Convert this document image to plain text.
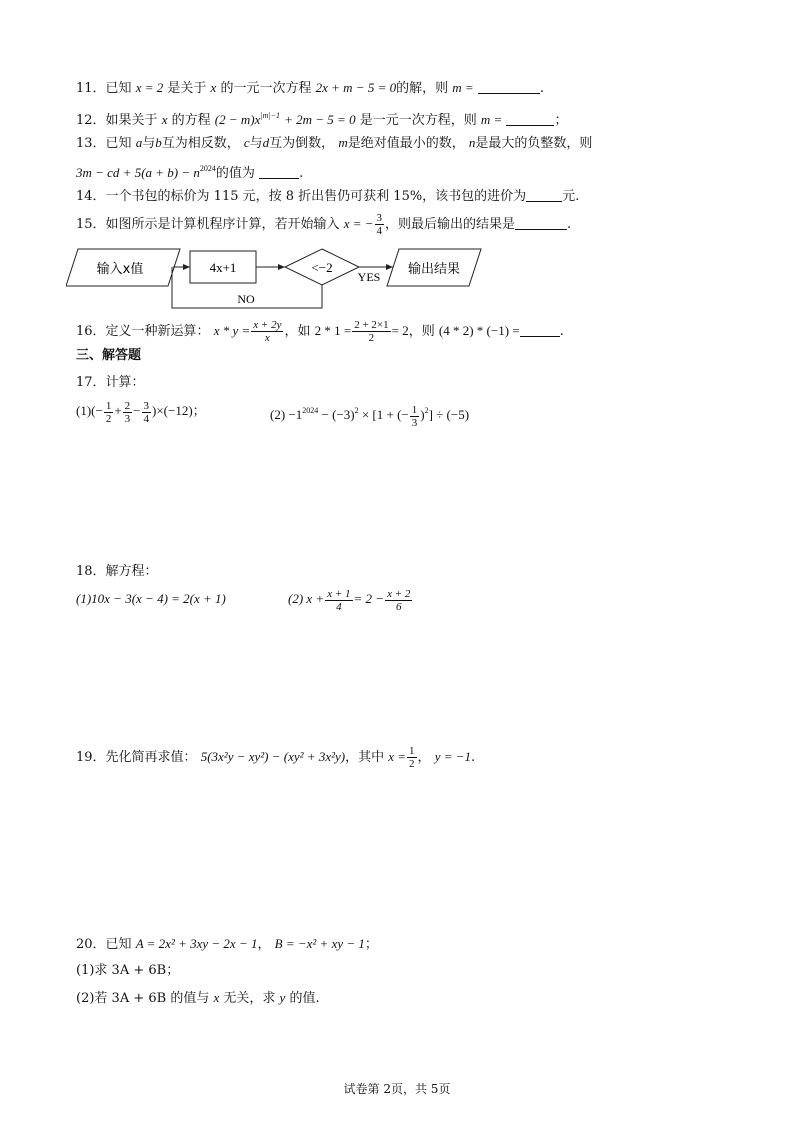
11．已知 x = 2 是关于 x 的一元一次方程 2x + m − 5 = 0的解，则 m =	.
12．如果关于 x 的方程 $(2 - m)x^{|m|-1} + 2m - 5 = 0$ 是一元一次方程，则 m =	；
13．已知 a与b互为相反数， c与d互为倒数， m是绝对值最小的数， n是最大的负整数，则
3m − cd + $5(a + b) - n^{2024}$的值为	.
14．一个书包的标价为 115 元，按 8 折出售仍可获利 15%，该书包的进价为	元.
15．如图所示是计算机程序计算，若开始输入 x = − $\frac{3}{4}$ ，则最后输出的结果是	.
输入x值	4x+1	<−2
YES 输出结果
NO
16．定义一种新运算： $x * y = \frac{x + 2y}{x}$ ，如 $2 * 1 = \frac{2 + 2\times 1}{2} = 2$，则 (4 * 2) * (−1) =	.
三、解答题
17．计算：
$(1)(- \frac{1}{2} + \frac{2}{3} - \frac{3}{4} )\times(-12)$；	$(2) -1^{2024} - (-3)^2 \times [1$ + (− $\frac{1}{3} )^2] \div (-5)$
18．解方程：
(1)10x − 3(x − 4) = 2(x + 1)	(2) $x + \frac{x + 1}{4} = 2 - \frac{x + 2}{6}$
19．先化简再求值： 5(3x²y − xy²) − (xy² + 3x²y)，其中 $x = \frac{1}{2}$ ， y = −1.
20．已知 A = 2x² + 3xy − 2x − 1， B = −x² + xy − 1；
(1)求 3A + 6B；
(2)若 3A + 6B 的值与 x 无关，求 y 的值.
试卷第 2页，共 5页
